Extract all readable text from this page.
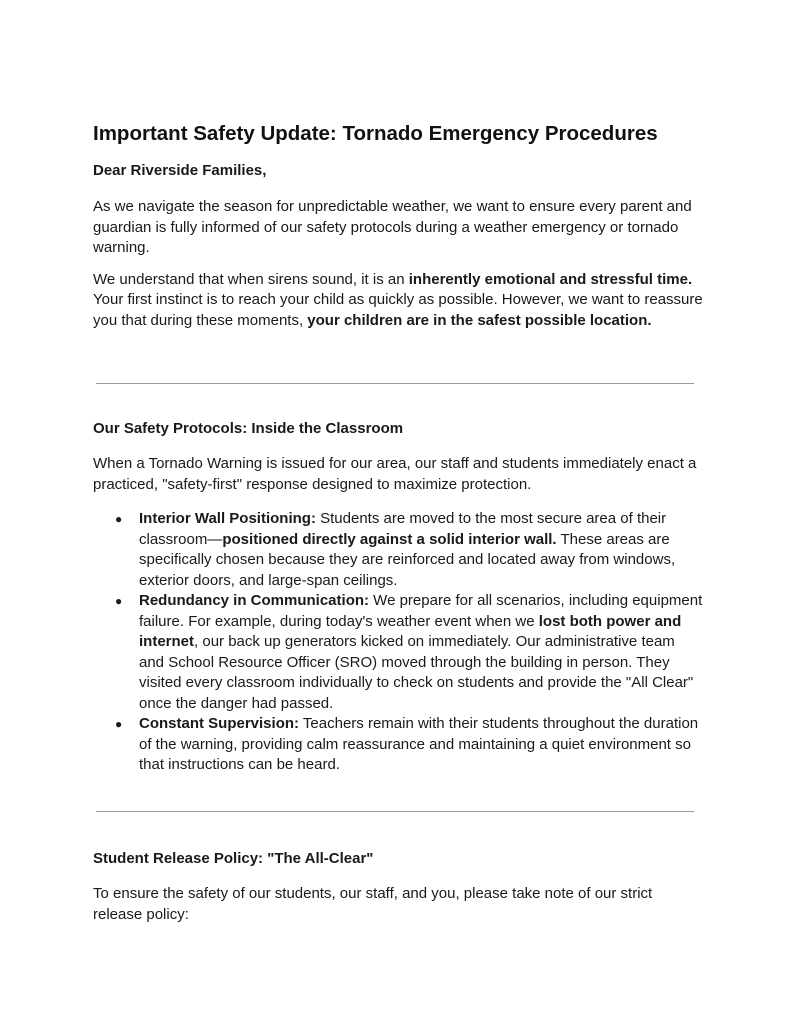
Important Safety Update: Tornado Emergency Procedures
Dear Riverside Families,

As we navigate the season for unpredictable weather, we want to ensure every parent and guardian is fully informed of our safety protocols during a weather emergency or tornado warning.

We understand that when sirens sound, it is an inherently emotional and stressful time. Your first instinct is to reach your child as quickly as possible. However, we want to reassure you that during these moments, your children are in the safest possible location.

Our Safety Protocols: Inside the Classroom

When a Tornado Warning is issued for our area, our staff and students immediately enact a practiced, "safety-first" response designed to maximize protection.

● Interior Wall Positioning: Students are moved to the most secure area of their classroom—positioned directly against a solid interior wall. These areas are specifically chosen because they are reinforced and located away from windows, exterior doors, and large-span ceilings.
● Redundancy in Communication: We prepare for all scenarios, including equipment failure. For example, during today's weather event when we lost both power and internet, our back up generators kicked on immediately. Our administrative team and School Resource Officer (SRO) moved through the building in person. They visited every classroom individually to check on students and provide the "All Clear" once the danger had passed.
● Constant Supervision: Teachers remain with their students throughout the duration of the warning, providing calm reassurance and maintaining a quiet environment so that instructions can be heard.
Student Release Policy: "The All-Clear"

To ensure the safety of our students, our staff, and you, please take note of our strict release policy:
